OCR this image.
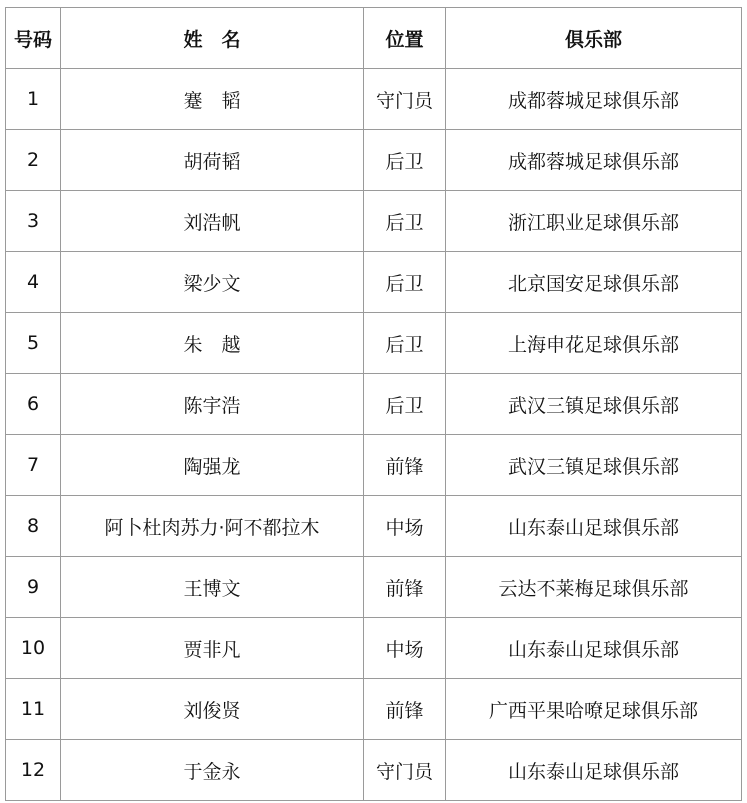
号码	姓　名	位置	俱乐部
1	蹇　韬	守门员	成都蓉城足球俱乐部
2	胡荷韬	后卫	成都蓉城足球俱乐部
3	刘浩帆	后卫	浙江职业足球俱乐部
4	梁少文	后卫	北京国安足球俱乐部
5	朱　越	后卫	上海申花足球俱乐部
6	陈宇浩	后卫	武汉三镇足球俱乐部
7	陶强龙	前锋	武汉三镇足球俱乐部
8	阿卜杜肉苏力·阿不都拉木	中场	山东泰山足球俱乐部
9	王博文	前锋	云达不莱梅足球俱乐部
10	贾非凡	中场	山东泰山足球俱乐部
11	刘俊贤	前锋	广西平果哈嘹足球俱乐部
12	于金永	守门员	山东泰山足球俱乐部
